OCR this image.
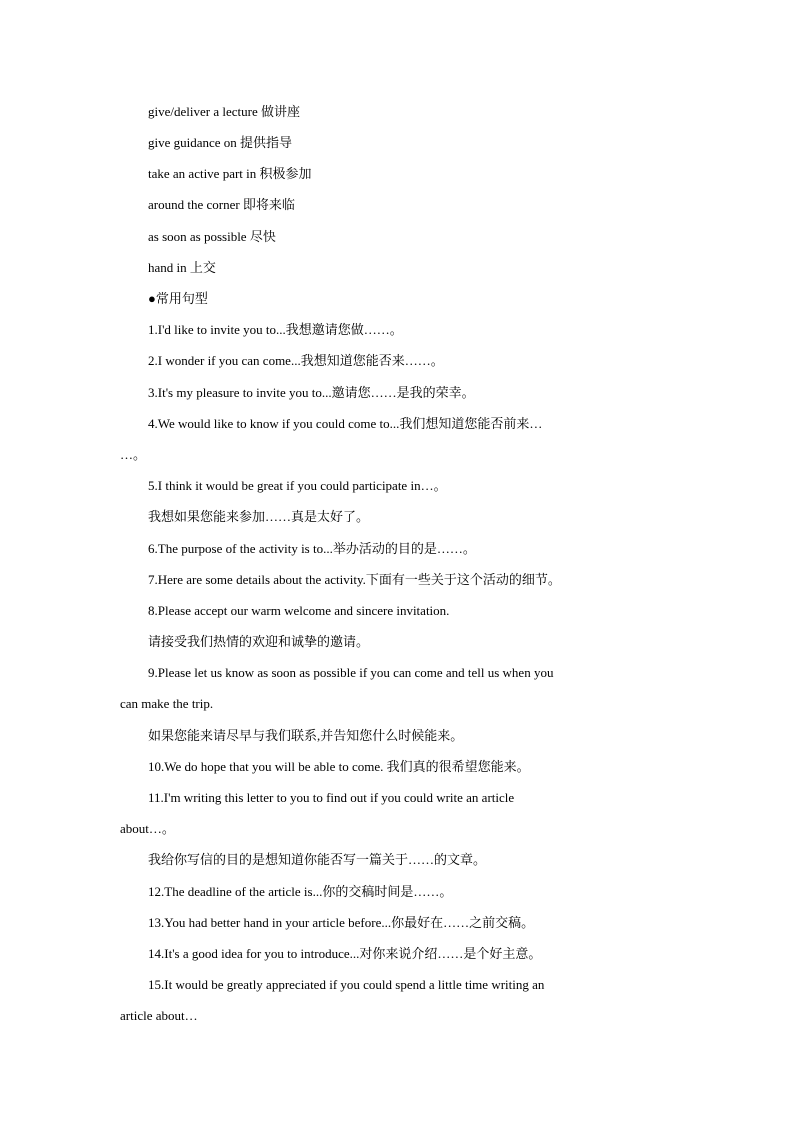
give/deliver a lecture 做讲座
give guidance on 提供指导
take an active part in 积极参加
around the corner 即将来临
as soon as possible 尽快
hand in 上交
●常用句型
1.I'd like to invite you to...我想邀请您做……。
2.I wonder if you can come...我想知道您能否来……。
3.It's my pleasure to invite you to...邀请您……是我的荣幸。
4.We would like to know if you could come to...我们想知道您能否前来…
…。
5.I think it would be great if you could participate in…。
我想如果您能来参加……真是太好了。
6.The purpose of the activity is to...举办活动的目的是……。
7.Here are some details about the activity.下面有一些关于这个活动的细节。
8.Please accept our warm welcome and sincere invitation.
请接受我们热情的欢迎和诚挚的邀请。
9.Please let us know as soon as possible if you can come and tell us when you
can make the trip.
如果您能来请尽早与我们联系,并告知您什么时候能来。
10.We do hope that you will be able to come. 我们真的很希望您能来。
11.I'm writing this letter to you to find out if you could write an article
about…。
我给你写信的目的是想知道你能否写一篇关于……的文章。
12.The deadline of the article is...你的交稿时间是……。
13.You had better hand in your article before...你最好在……之前交稿。
14.It's a good idea for you to introduce...对你来说介绍……是个好主意。
15.It would be greatly appreciated if you could spend a little time writing an
article about…
